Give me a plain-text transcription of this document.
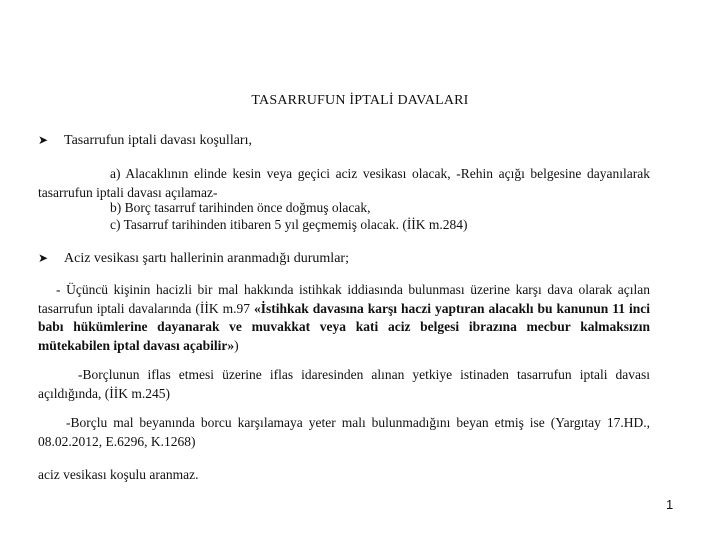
TASARRUFUN İPTALİ DAVALARI
➤ Tasarrufun iptali davası koşulları,
a) Alacaklının elinde kesin veya geçici aciz vesikası olacak, -Rehin açığı belgesine dayanılarak tasarrufun iptali davası açılamaz-
b) Borç tasarruf tarihinden önce doğmuş olacak,
c) Tasarruf tarihinden itibaren 5 yıl geçmemiş olacak. (İİK m.284)
➤ Aciz vesikası şartı hallerinin aranmadığı durumlar;
- Üçüncü kişinin hacizli bir mal hakkında istihkak iddiasında bulunması üzerine karşı dava olarak açılan tasarrufun iptali davalarında (İİK m.97 «İstihkak davasına karşı haczi yaptıran alacaklı bu kanunun 11 inci babı hükümlerine dayanarak ve muvakkat veya kati aciz belgesi ibrazına mecbur kalmaksızın mütekabilen iptal davası açabilir»)
-Borçlunun iflas etmesi üzerine iflas idaresinden alınan yetkiye istinaden tasarrufun iptali davası açıldığında, (İİK m.245)
-Borçlu mal beyanında borcu karşılamaya yeter malı bulunmadığını beyan etmiş ise (Yargıtay 17.HD., 08.02.2012, E.6296, K.1268)
aciz vesikası koşulu aranmaz.
1
